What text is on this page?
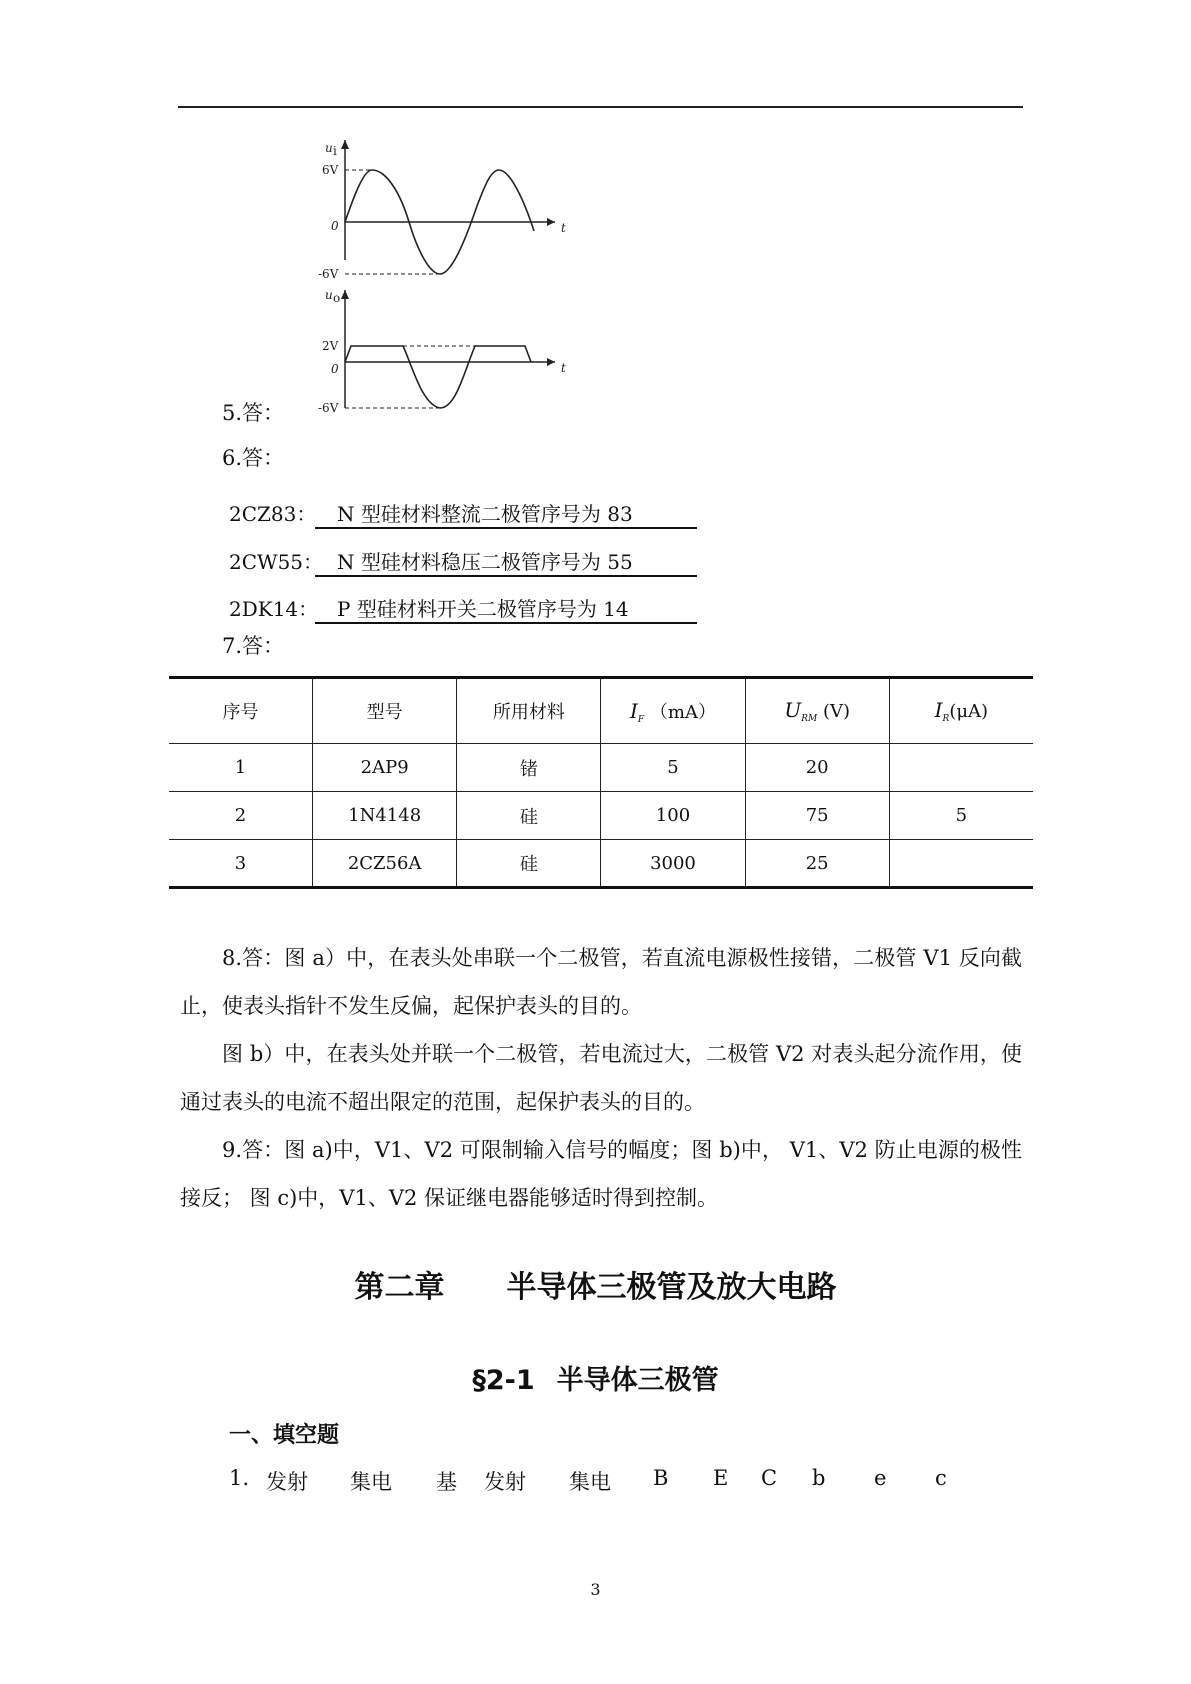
u i
6V
0
-6V
t
u o
2V
0
-6V
t
5.答：
6.答：
2CZ83： N 型硅材料整流二极管序号为 83
2CW55： N 型硅材料稳压二极管序号为 55
2DK14： P 型硅材料开关二极管序号为 14
7.答：
序号	型号	所用材料	$I_F$ （mA）	$U_{RM}$ (V)	$I_R(\mu A)$
1	2AP9	锗	5	20	
2	1N4148	硅	100	75	5
3	2CZ56A	硅	3000	25	
8.答：图 a）中，在表头处串联一个二极管，若直流电源极性接错，二极管 V1 反向截止，使表头指针不发生反偏，起保护表头的目的。
图 b）中，在表头处并联一个二极管，若电流过大，二极管 V2 对表头起分流作用，使通过表头的电流不超出限定的范围，起保护表头的目的。
9.答：图 a)中，V1、V2 可限制输入信号的幅度；图 b)中， V1、V2 防止电源的极性接反； 图 c)中，V1、V2 保证继电器能够适时得到控制。
第二章 半导体三极管及放大电路
§2-1 半导体三极管
一、填空题
1. 发射 集电 基 发射 集电 B E C b e c
3
